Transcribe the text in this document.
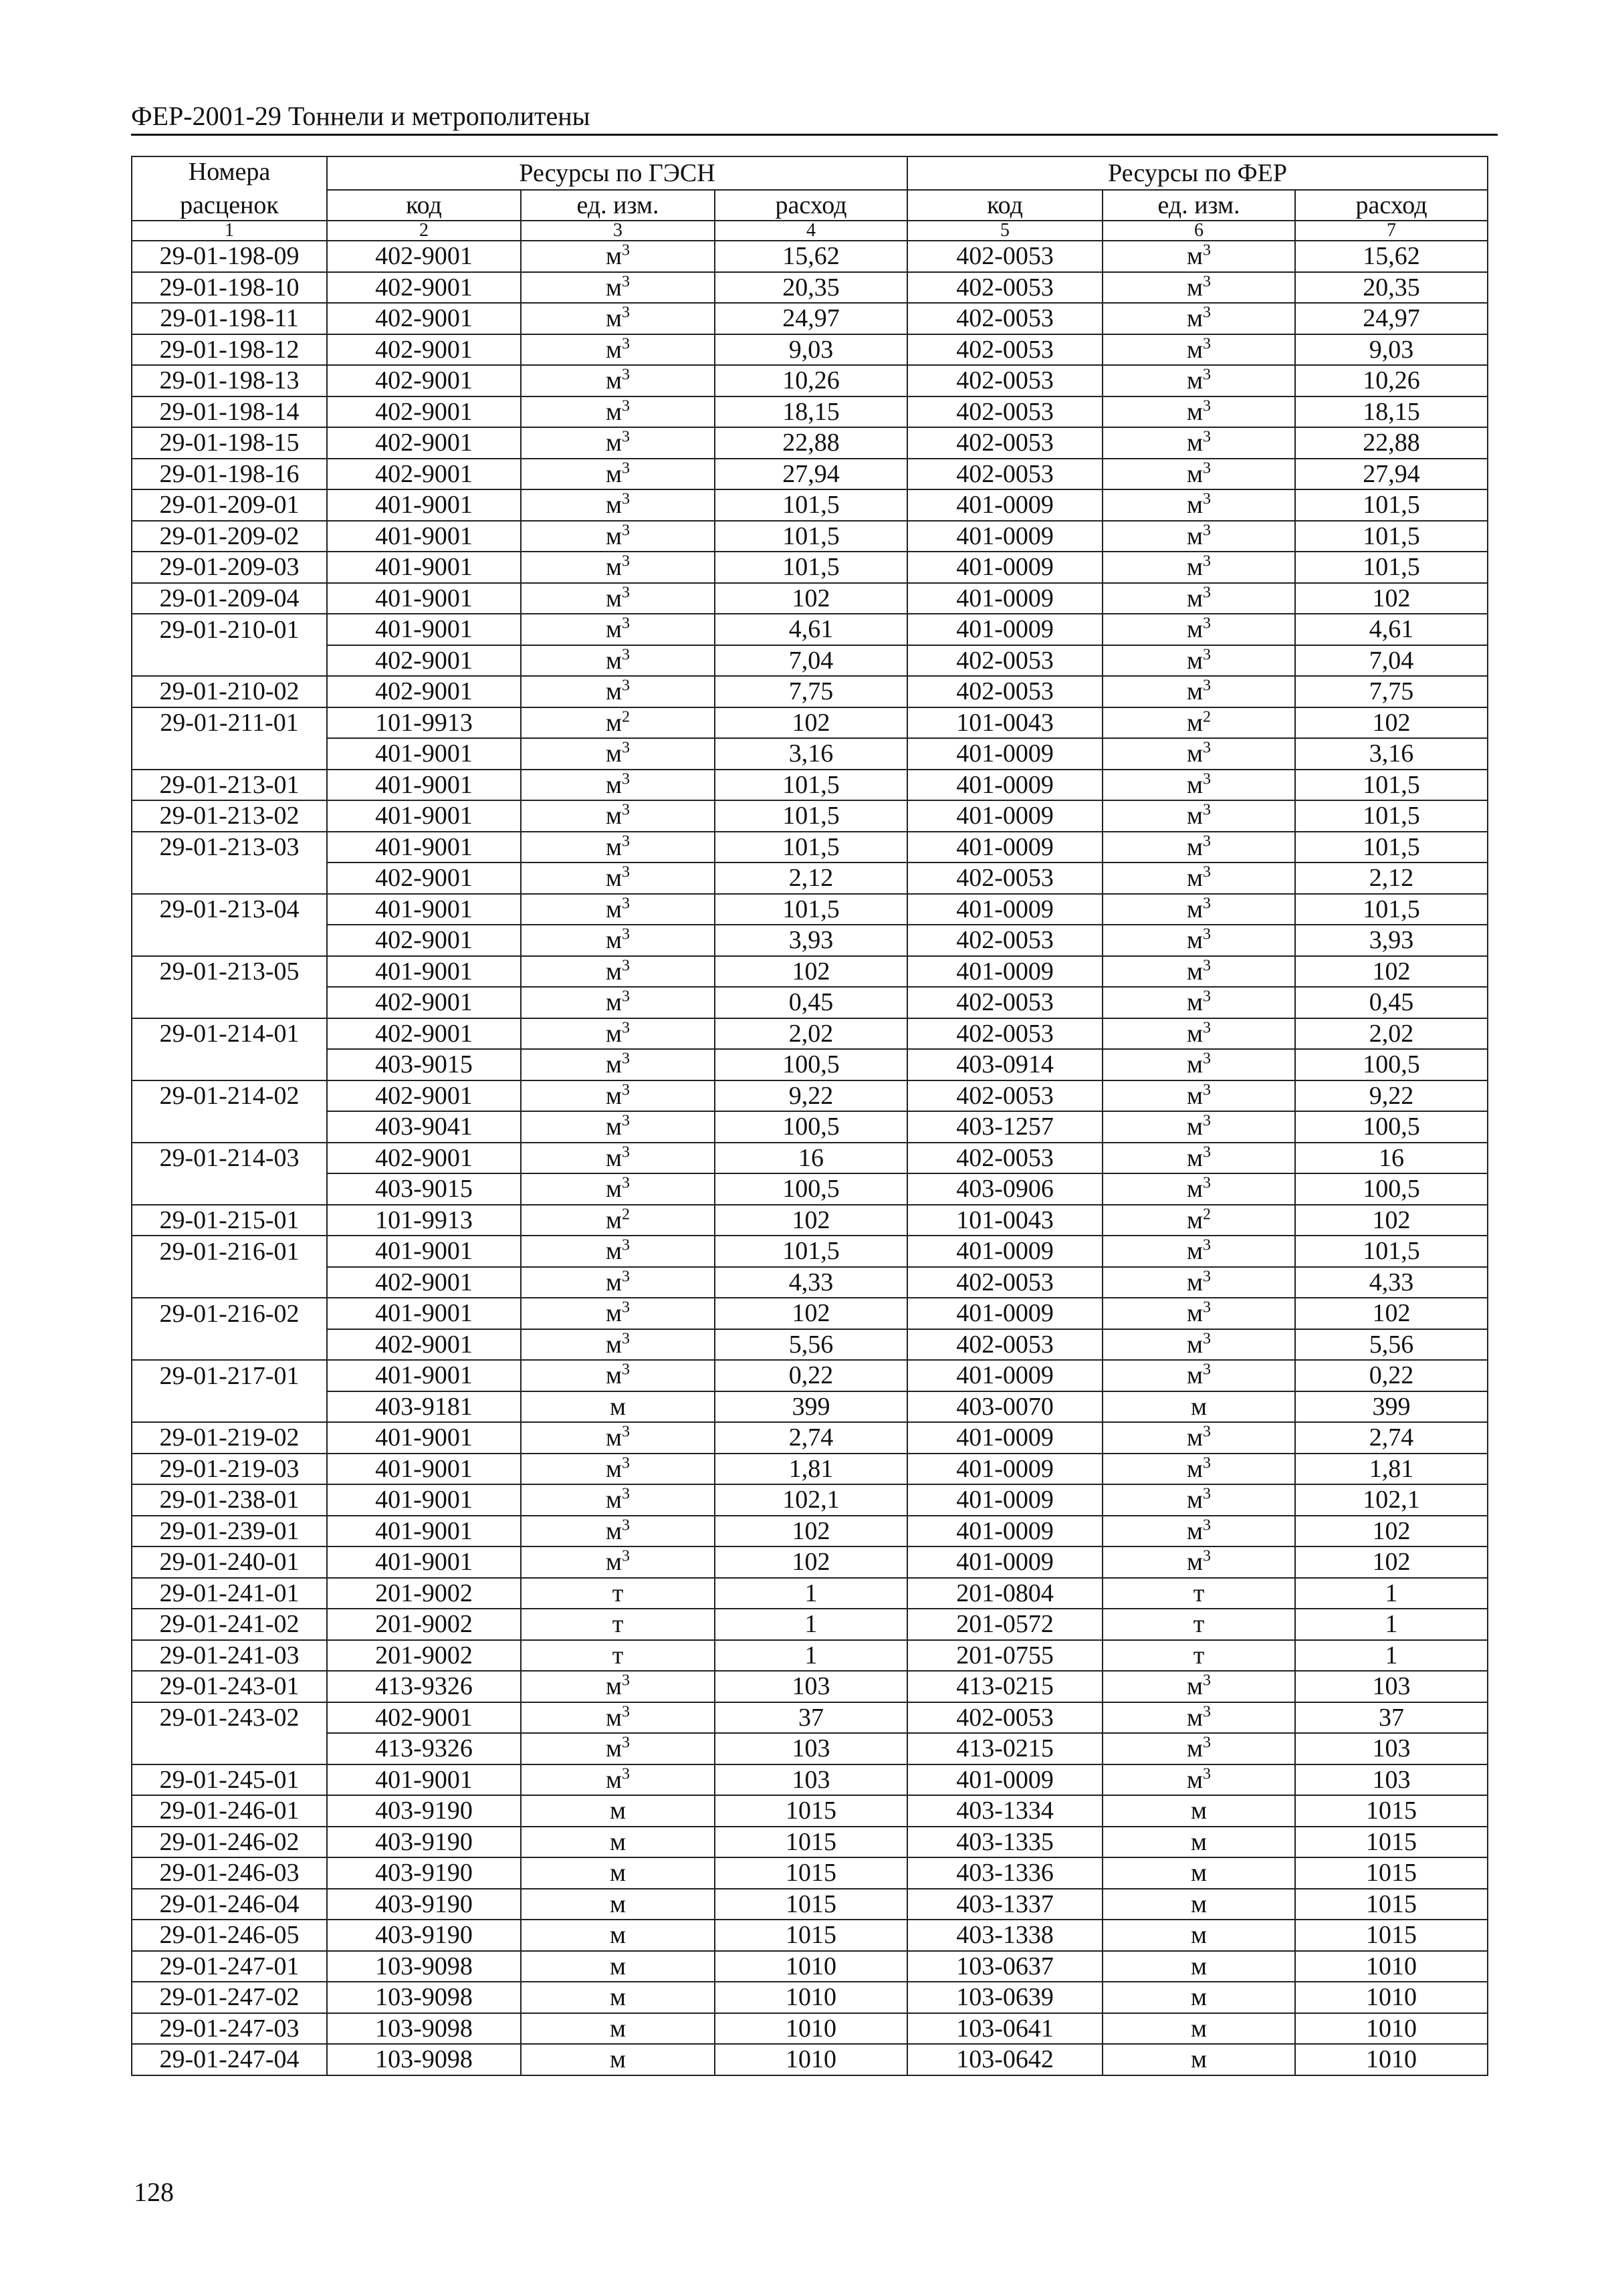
ФЕР-2001-29 Тоннели и метрополитены
Номера	Ресурсы по ГЭСН			Ресурсы по ФЕР		
расценок	код	ед. изм.	расход	код	ед. изм.	расход
1	2	3	4	5	6	7
29-01-198-09	402-9001	$м^3$	15,62	402-0053	$м^3$	15,62
29-01-198-10	402-9001	$м^3$	20,35	402-0053	$м^3$	20,35
29-01-198-11	402-9001	$м^3$	24,97	402-0053	$м^3$	24,97
29-01-198-12	402-9001	$м^3$	9,03	402-0053	$м^3$	9,03
29-01-198-13	402-9001	$м^3$	10,26	402-0053	$м^3$	10,26
29-01-198-14	402-9001	$м^3$	18,15	402-0053	$м^3$	18,15
29-01-198-15	402-9001	$м^3$	22,88	402-0053	$м^3$	22,88
29-01-198-16	402-9001	$м^3$	27,94	402-0053	$м^3$	27,94
29-01-209-01	401-9001	$м^3$	101,5	401-0009	$м^3$	101,5
29-01-209-02	401-9001	$м^3$	101,5	401-0009	$м^3$	101,5
29-01-209-03	401-9001	$м^3$	101,5	401-0009	$м^3$	101,5
29-01-209-04	401-9001	$м^3$	102	401-0009	$м^3$	102
29-01-210-01	401-9001	$м^3$	4,61	401-0009	$м^3$	4,61
	402-9001	$м^3$	7,04	402-0053	$м^3$	7,04
29-01-210-02	402-9001	$м^3$	7,75	402-0053	$м^3$	7,75
29-01-211-01	101-9913	$м^2$	102	101-0043	$м^2$	102
	401-9001	$м^3$	3,16	401-0009	$м^3$	3,16
29-01-213-01	401-9001	$м^3$	101,5	401-0009	$м^3$	101,5
29-01-213-02	401-9001	$м^3$	101,5	401-0009	$м^3$	101,5
29-01-213-03	401-9001	$м^3$	101,5	401-0009	$м^3$	101,5
	402-9001	$м^3$	2,12	402-0053	$м^3$	2,12
29-01-213-04	401-9001	$м^3$	101,5	401-0009	$м^3$	101,5
	402-9001	$м^3$	3,93	402-0053	$м^3$	3,93
29-01-213-05	401-9001	$м^3$	102	401-0009	$м^3$	102
	402-9001	$м^3$	0,45	402-0053	$м^3$	0,45
29-01-214-01	402-9001	$м^3$	2,02	402-0053	$м^3$	2,02
	403-9015	$м^3$	100,5	403-0914	$м^3$	100,5
29-01-214-02	402-9001	$м^3$	9,22	402-0053	$м^3$	9,22
	403-9041	$м^3$	100,5	403-1257	$м^3$	100,5
29-01-214-03	402-9001	$м^3$	16	402-0053	$м^3$	16
	403-9015	$м^3$	100,5	403-0906	$м^3$	100,5
29-01-215-01	101-9913	$м^2$	102	101-0043	$м^2$	102
29-01-216-01	401-9001	$м^3$	101,5	401-0009	$м^3$	101,5
	402-9001	$м^3$	4,33	402-0053	$м^3$	4,33
29-01-216-02	401-9001	$м^3$	102	401-0009	$м^3$	102
	402-9001	$м^3$	5,56	402-0053	$м^3$	5,56
29-01-217-01	401-9001	$м^3$	0,22	401-0009	$м^3$	0,22
	403-9181	м	399	403-0070	м	399
29-01-219-02	401-9001	$м^3$	2,74	401-0009	$м^3$	2,74
29-01-219-03	401-9001	$м^3$	1,81	401-0009	$м^3$	1,81
29-01-238-01	401-9001	$м^3$	102,1	401-0009	$м^3$	102,1
29-01-239-01	401-9001	$м^3$	102	401-0009	$м^3$	102
29-01-240-01	401-9001	$м^3$	102	401-0009	$м^3$	102
29-01-241-01	201-9002	т	1	201-0804	т	1
29-01-241-02	201-9002	т	1	201-0572	т	1
29-01-241-03	201-9002	т	1	201-0755	т	1
29-01-243-01	413-9326	$м^3$	103	413-0215	$м^3$	103
29-01-243-02	402-9001	$м^3$	37	402-0053	$м^3$	37
	413-9326	$м^3$	103	413-0215	$м^3$	103
29-01-245-01	401-9001	$м^3$	103	401-0009	$м^3$	103
29-01-246-01	403-9190	м	1015	403-1334	м	1015
29-01-246-02	403-9190	м	1015	403-1335	м	1015
29-01-246-03	403-9190	м	1015	403-1336	м	1015
29-01-246-04	403-9190	м	1015	403-1337	м	1015
29-01-246-05	403-9190	м	1015	403-1338	м	1015
29-01-247-01	103-9098	м	1010	103-0637	м	1010
29-01-247-02	103-9098	м	1010	103-0639	м	1010
29-01-247-03	103-9098	м	1010	103-0641	м	1010
29-01-247-04	103-9098	м	1010	103-0642	м	1010
128
